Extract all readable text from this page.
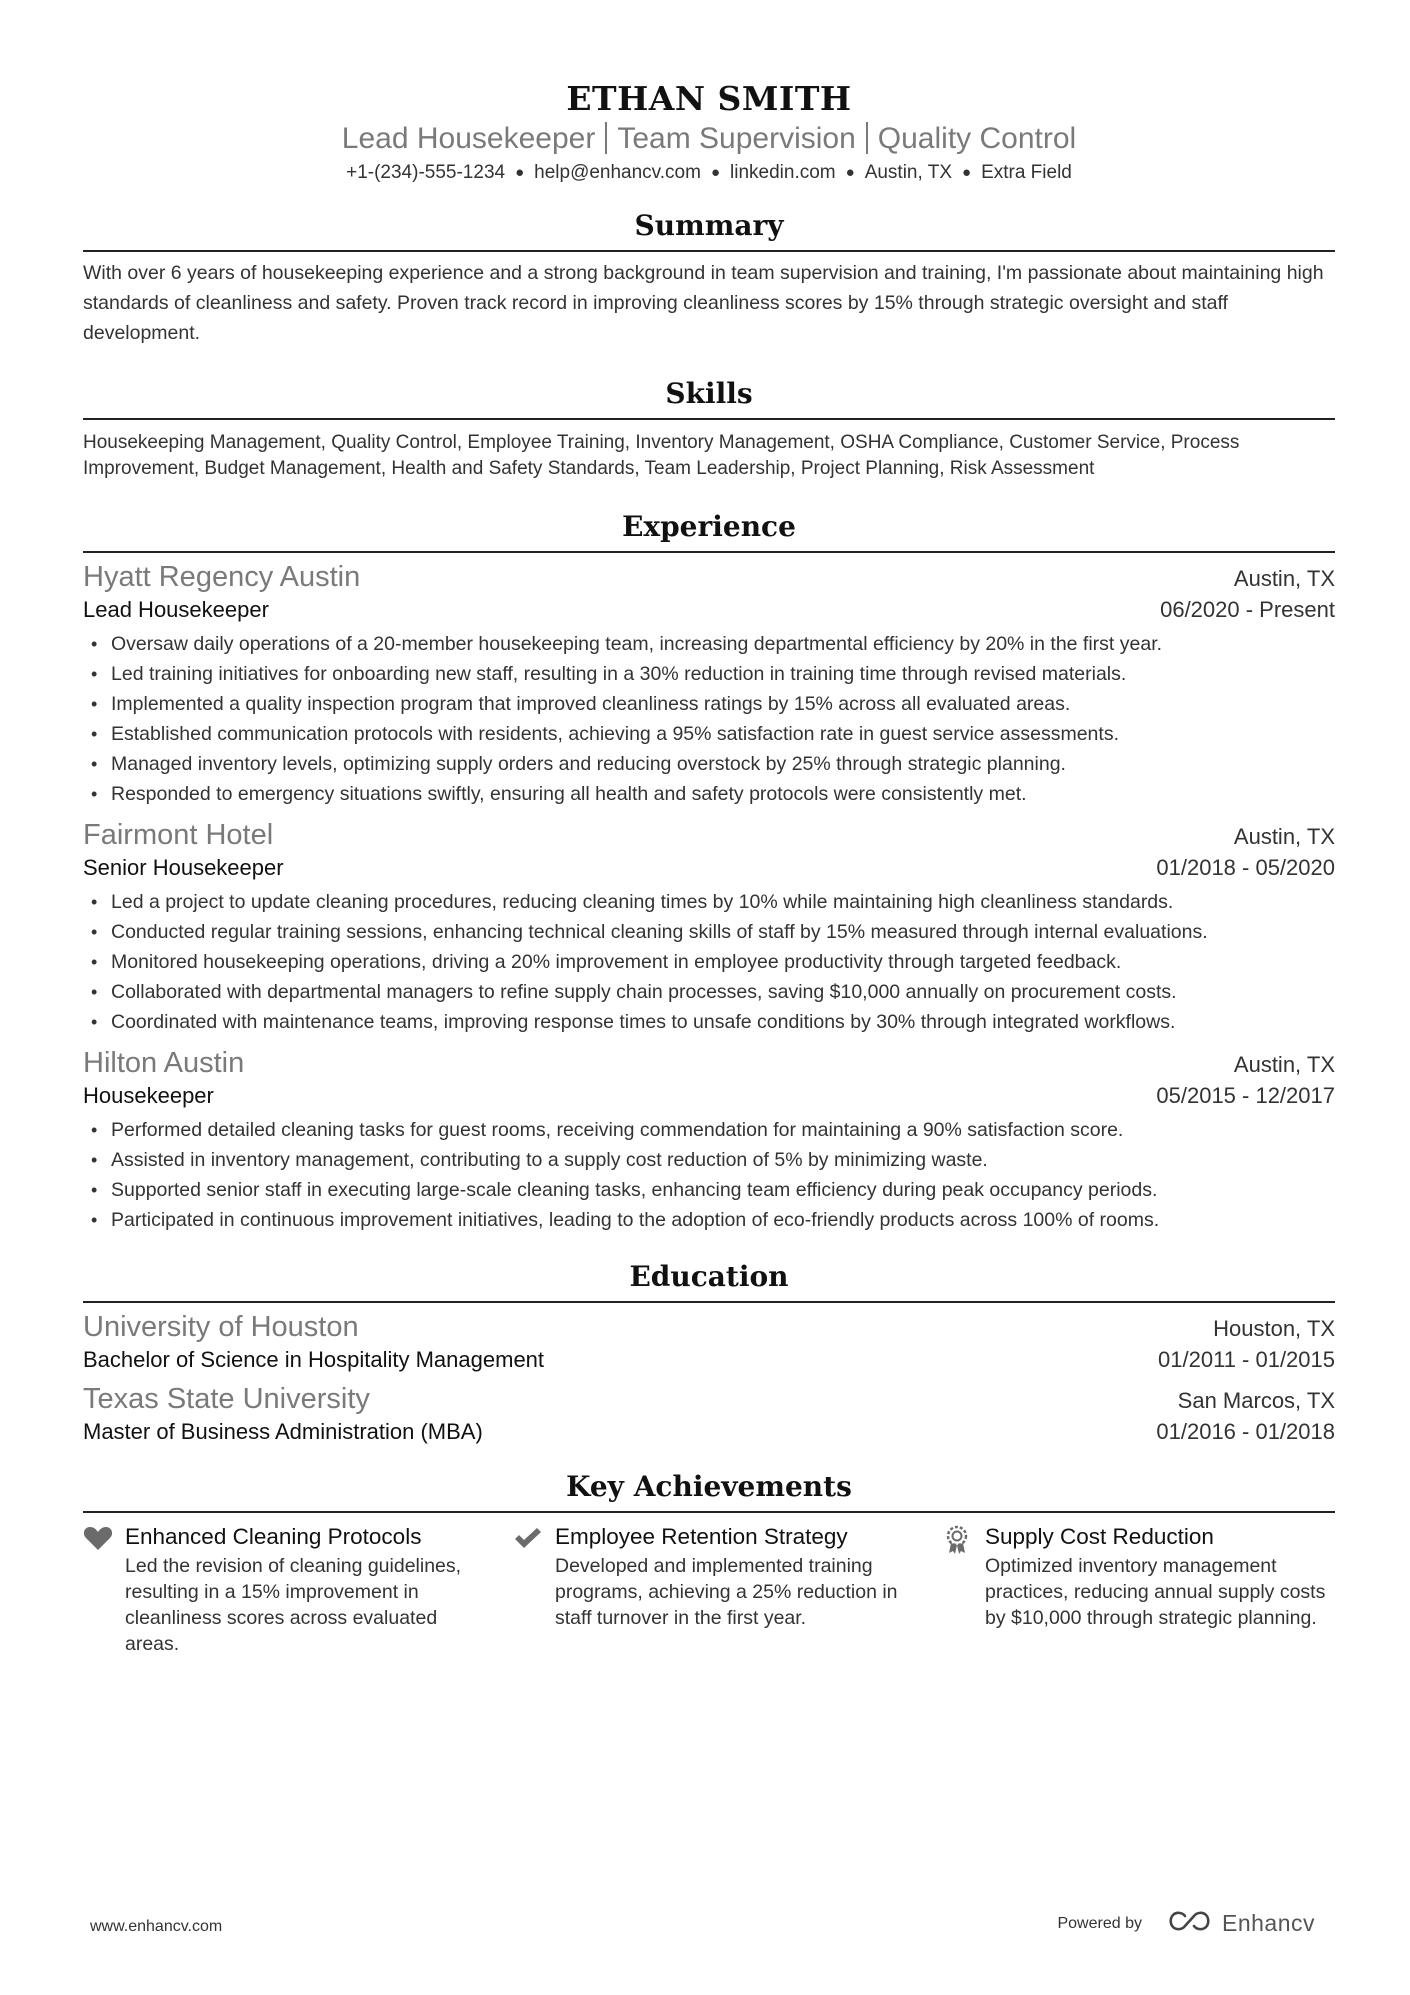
ETHAN SMITH
Lead Housekeeper Team Supervision Quality Control
+1-(234)-555-1234 ● help@enhancv.com ● linkedin.com ● Austin, TX ● Extra Field
Summary
With over 6 years of housekeeping experience and a strong background in team supervision and training, I'm passionate about maintaining high standards of cleanliness and safety. Proven track record in improving cleanliness scores by 15% through strategic oversight and staff development.
Skills
Housekeeping Management, Quality Control, Employee Training, Inventory Management, OSHA Compliance, Customer Service, Process Improvement, Budget Management, Health and Safety Standards, Team Leadership, Project Planning, Risk Assessment
Experience
Hyatt Regency Austin	Austin, TX
Lead Housekeeper	06/2020 - Present
• Oversaw daily operations of a 20-member housekeeping team, increasing departmental efficiency by 20% in the first year.
• Led training initiatives for onboarding new staff, resulting in a 30% reduction in training time through revised materials.
• Implemented a quality inspection program that improved cleanliness ratings by 15% across all evaluated areas.
• Established communication protocols with residents, achieving a 95% satisfaction rate in guest service assessments.
• Managed inventory levels, optimizing supply orders and reducing overstock by 25% through strategic planning.
• Responded to emergency situations swiftly, ensuring all health and safety protocols were consistently met.
Fairmont Hotel	Austin, TX
Senior Housekeeper	01/2018 - 05/2020
• Led a project to update cleaning procedures, reducing cleaning times by 10% while maintaining high cleanliness standards.
• Conducted regular training sessions, enhancing technical cleaning skills of staff by 15% measured through internal evaluations.
• Monitored housekeeping operations, driving a 20% improvement in employee productivity through targeted feedback.
• Collaborated with departmental managers to refine supply chain processes, saving $10,000 annually on procurement costs.
• Coordinated with maintenance teams, improving response times to unsafe conditions by 30% through integrated workflows.
Hilton Austin	Austin, TX
Housekeeper	05/2015 - 12/2017
• Performed detailed cleaning tasks for guest rooms, receiving commendation for maintaining a 90% satisfaction score.
• Assisted in inventory management, contributing to a supply cost reduction of 5% by minimizing waste.
• Supported senior staff in executing large-scale cleaning tasks, enhancing team efficiency during peak occupancy periods.
• Participated in continuous improvement initiatives, leading to the adoption of eco-friendly products across 100% of rooms.
Education
University of Houston	Houston, TX
Bachelor of Science in Hospitality Management	01/2011 - 01/2015
Texas State University	San Marcos, TX
Master of Business Administration (MBA)	01/2016 - 01/2018
Key Achievements
Enhanced Cleaning Protocols
Led the revision of cleaning guidelines, resulting in a 15% improvement in cleanliness scores across evaluated areas.
Employee Retention Strategy
Developed and implemented training programs, achieving a 25% reduction in staff turnover in the first year.
Supply Cost Reduction
Optimized inventory management practices, reducing annual supply costs by $10,000 through strategic planning.
www.enhancv.com	Powered by	Enhancv
